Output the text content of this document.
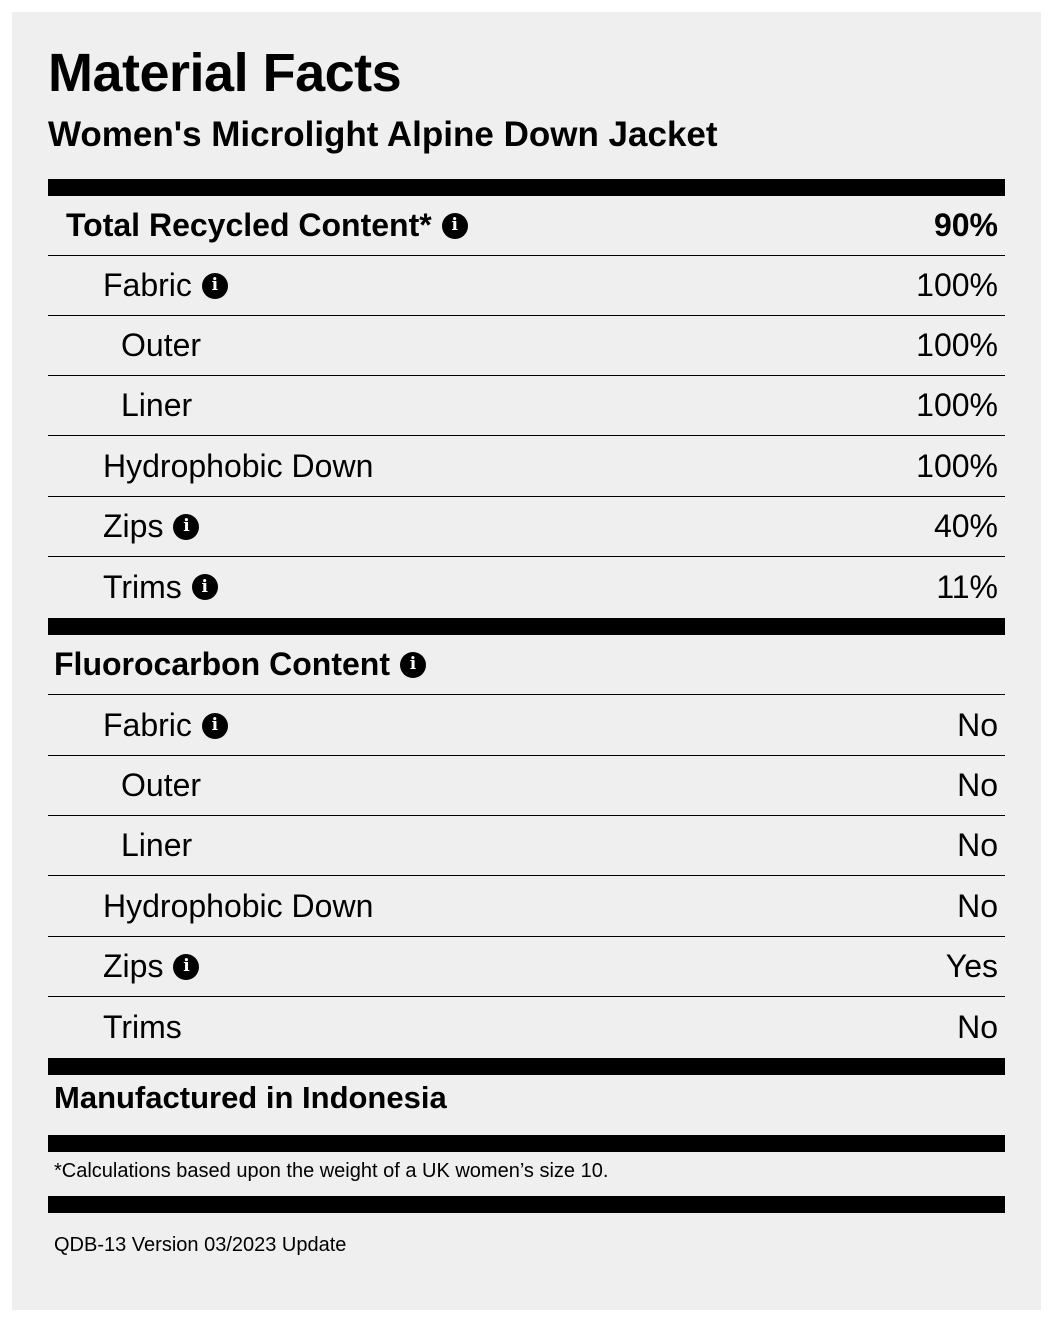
Material Facts
Women's Microlight Alpine Down Jacket
Total Recycled Content*	i	90%
Fabric	i	100%
Outer	100%
Liner	100%
Hydrophobic Down	100%
Zips	i	40%
Trims	i	11%
Fluorocarbon Content	i
Fabric	i	No
Outer	No
Liner	No
Hydrophobic Down	No
Zips	i	Yes
Trims	No
Manufactured in Indonesia
*Calculations based upon the weight of a UK women’s size 10.
QDB-13 Version 03/2023 Update
